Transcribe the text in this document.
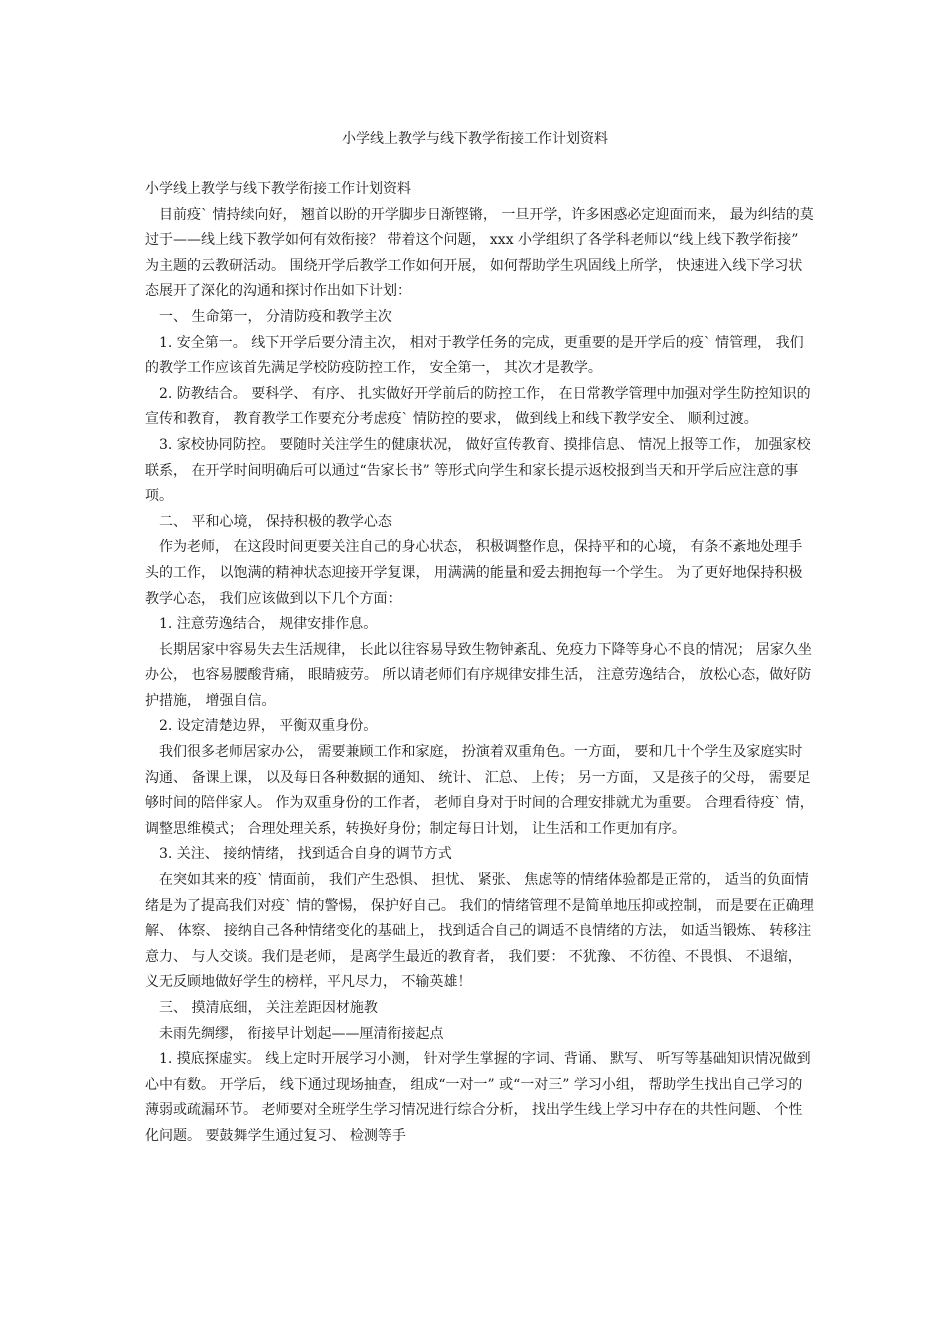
小学线上教学与线下教学衔接工作计划资料

小学线上教学与线下教学衔接工作计划资料

目前疫` 情持续向好， 翘首以盼的开学脚步日渐铿锵， 一旦开学，许多困惑必定迎面而来， 最为纠结的莫过于——线上线下教学如何有效衔接？ 带着这个问题， xxx 小学组织了各学科老师以“线上线下教学衔接” 为主题的云教研活动。 围绕开学后教学工作如何开展， 如何帮助学生巩固线上所学， 快速进入线下学习状态展开了深化的沟通和探讨作出如下计划：

一、 生命第一， 分清防疫和教学主次

1. 安全第一。 线下开学后要分清主次， 相对于教学任务的完成，更重要的是开学后的疫` 情管理， 我们的教学工作应该首先满足学校防疫防控工作， 安全第一， 其次才是教学。

2. 防教结合。 要科学、 有序、 扎实做好开学前后的防控工作， 在日常教学管理中加强对学生防控知识的宣传和教育， 教育教学工作要充分考虑疫` 情防控的要求， 做到线上和线下教学安全、 顺利过渡。

3. 家校协同防控。 要随时关注学生的健康状况， 做好宣传教育、摸排信息、 情况上报等工作， 加强家校联系， 在开学时间明确后可以通过“告家长书” 等形式向学生和家长提示返校报到当天和开学后应注意的事项。

二、 平和心境， 保持积极的教学心态

作为老师， 在这段时间更要关注自己的身心状态， 积极调整作息，保持平和的心境， 有条不紊地处理手头的工作， 以饱满的精神状态迎接开学复课， 用满满的能量和爱去拥抱每一个学生。 为了更好地保持积极教学心态， 我们应该做到以下几个方面：

1. 注意劳逸结合， 规律安排作息。

长期居家中容易失去生活规律， 长此以往容易导致生物钟紊乱、免疫力下降等身心不良的情况； 居家久坐办公， 也容易腰酸背痛， 眼睛疲劳。 所以请老师们有序规律安排生活， 注意劳逸结合， 放松心态，做好防护措施， 增强自信。

2. 设定清楚边界， 平衡双重身份。

我们很多老师居家办公， 需要兼顾工作和家庭， 扮演着双重角色。一方面， 要和几十个学生及家庭实时沟通、 备课上课， 以及每日各种数据的通知、 统计、 汇总、 上传； 另一方面， 又是孩子的父母， 需要足够时间的陪伴家人。 作为双重身份的工作者， 老师自身对于时间的合理安排就尤为重要。 合理看待疫` 情， 调整思维模式； 合理处理关系，转换好身份；制定每日计划， 让生活和工作更加有序。

3. 关注、 接纳情绪， 找到适合自身的调节方式

在突如其来的疫` 情面前， 我们产生恐惧、 担忧、 紧张、 焦虑等的情绪体验都是正常的， 适当的负面情绪是为了提高我们对疫` 情的警惕， 保护好自己。 我们的情绪管理不是简单地压抑或控制， 而是要在正确理解、 体察、 接纳自己各种情绪变化的基础上， 找到适合自己的调适不良情绪的方法， 如适当锻炼、 转移注意力、 与人交谈。我们是老师， 是离学生最近的教育者， 我们要： 不犹豫、 不彷徨、不畏惧、 不退缩， 义无反顾地做好学生的榜样，平凡尽力， 不输英雄！

三、 摸清底细， 关注差距因材施教

未雨先绸缪， 衔接早计划起——厘清衔接起点

1. 摸底探虚实。 线上定时开展学习小测， 针对学生掌握的字词、背诵、 默写、 听写等基础知识情况做到心中有数。 开学后， 线下通过现场抽查， 组成“一对一” 或“一对三” 学习小组， 帮助学生找出自己学习的薄弱或疏漏环节。 老师要对全班学生学习情况进行综合分析， 找出学生线上学习中存在的共性问题、 个性化问题。 要鼓舞学生通过复习、 检测等手
